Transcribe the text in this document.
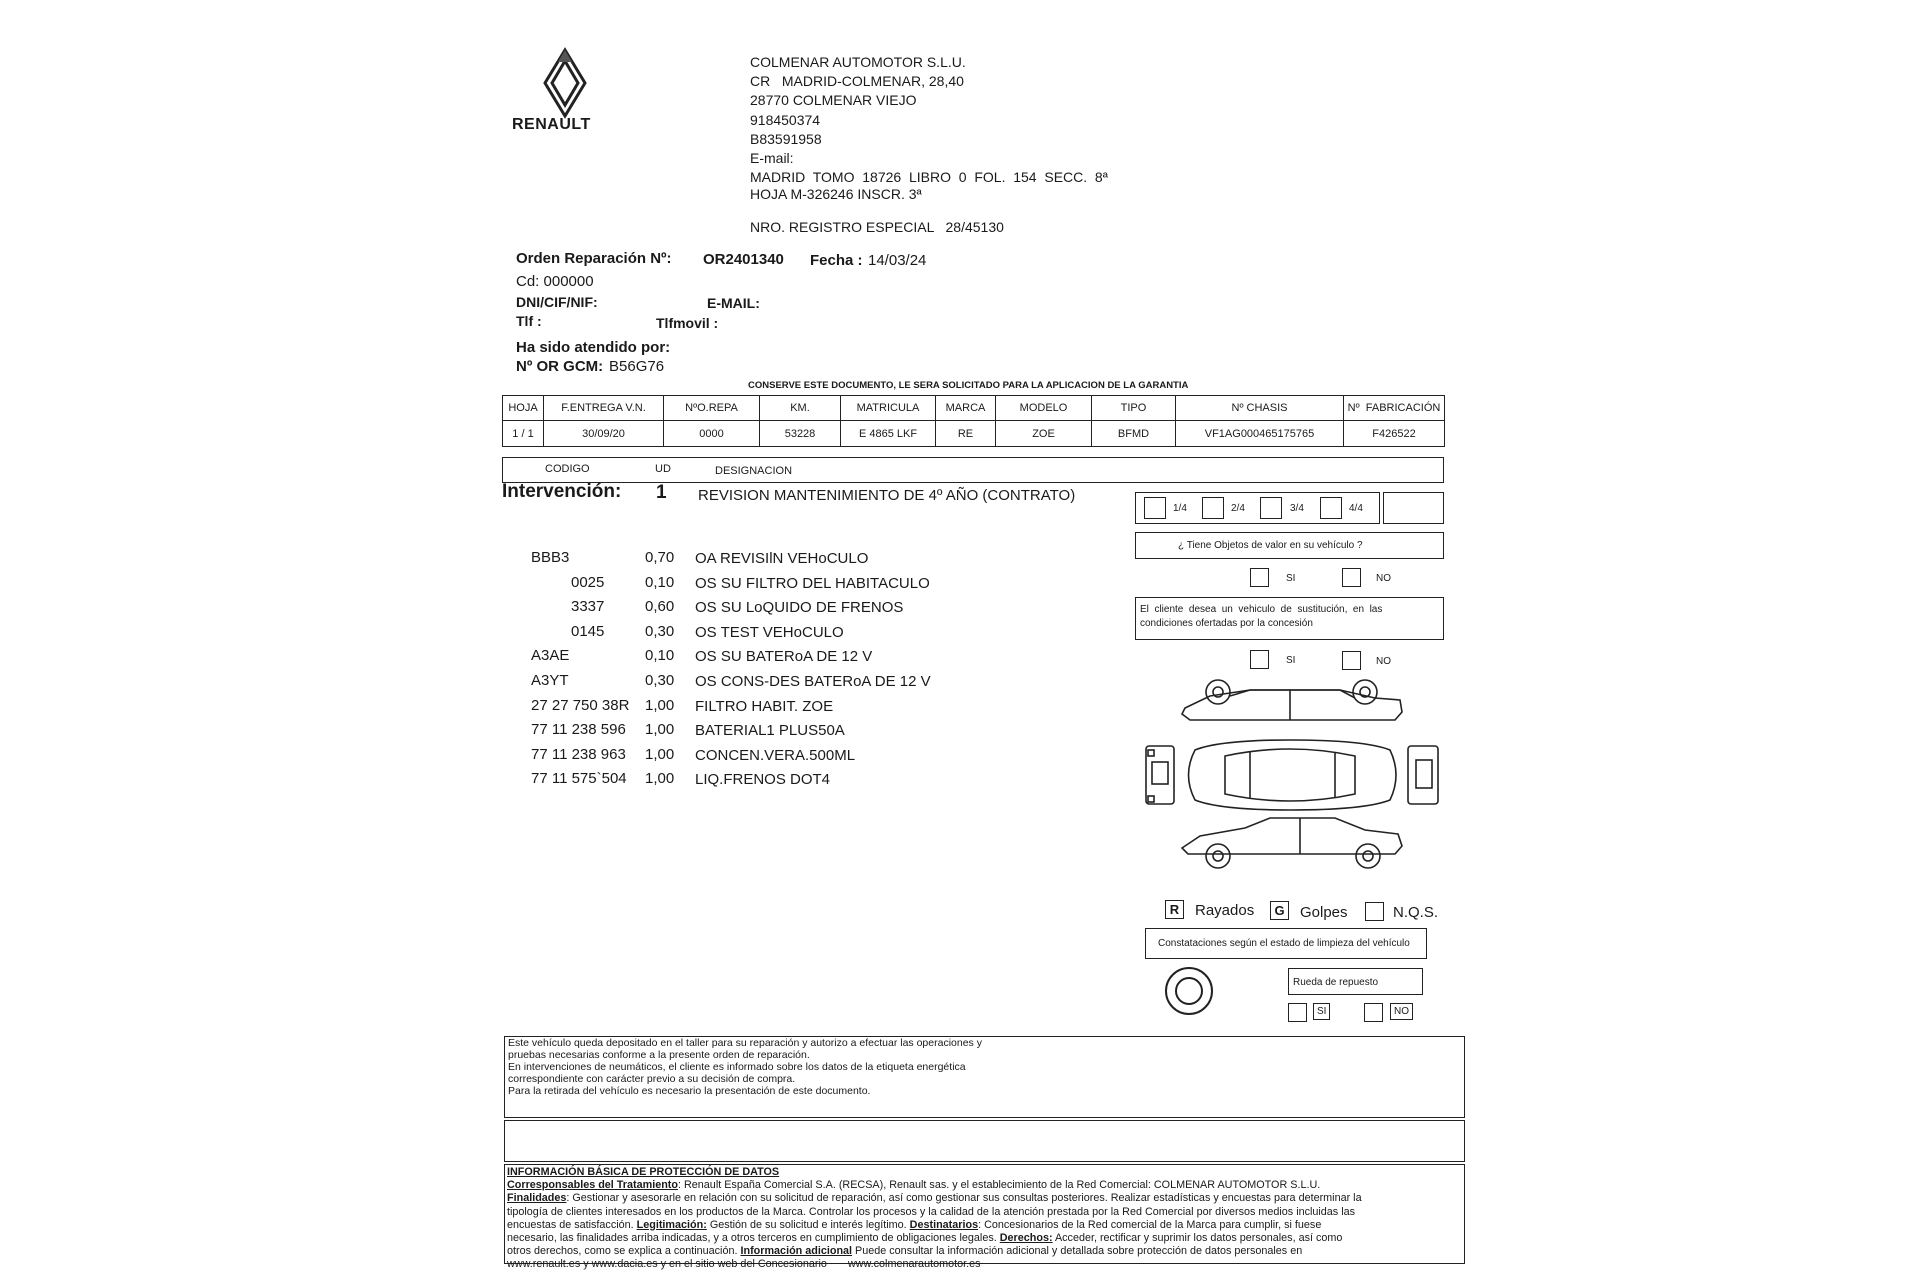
RENAULT
COLMENAR AUTOMOTOR S.L.U.
CR   MADRID-COLMENAR, 28,40
28770 COLMENAR VIEJO
918450374
B83591958
E-mail:
MADRID  TOMO  18726  LIBRO  0  FOL.  154  SECC.  8ª
HOJA M-326246 INSCR. 3ª
NRO. REGISTRO ESPECIAL   28/45130
Orden Reparación Nº: OR2401340 Fecha : 14/03/24
Cd: 000000
DNI/CIF/NIF:	E-MAIL:
Tlf :	Tlfmovil :
Ha sido atendido por:
Nº OR GCM: B56G76
CONSERVE ESTE DOCUMENTO, LE SERA SOLICITADO PARA LA APLICACION DE LA GARANTIA
HOJA	F.ENTREGA V.N.	NºO.REPA	KM.	MATRICULA	MARCA	MODELO	TIPO	Nº CHASIS	Nº  FABRICACIÓN
1 / 1	30/09/20	0000	53228	E 4865 LKF	RE	ZOE	BFMD	VF1AG000465175765	F426522
CODIGO	UD	DESIGNACION
Intervención: 1 REVISION MANTENIMIENTO DE 4º AÑO (CONTRATO)
BBB3	0,70 OA REVISIlN VEHoCULO
0025	0,10 OS SU FILTRO DEL HABITACULO
3337	0,60 OS SU LoQUIDO DE FRENOS
0145	0,30 OS TEST VEHoCULO
A3AE	0,10 OS SU BATERoA DE 12 V
A3YT	0,30 OS CONS-DES BATERoA DE 12 V
27 27 750 38R 1,00 FILTRO HABIT. ZOE
77 11 238 596 1,00 BATERIAL1 PLUS50A
77 11 238 963 1,00 CONCEN.VERA.500ML
77 11 575`504 1,00 LIQ.FRENOS DOT4
1/4	2/4	3/4	4/4
¿ Tiene Objetos de valor en su vehículo ?
SI	NO
El  cliente  desea  un  vehiculo  de  sustitución,  en  las
condiciones ofertadas por la concesión
SI	NO
R	Rayados	G Golpes	N.Q.S.
Constataciones según el estado de limpieza del vehículo
Rueda de repuesto
SI	NO
Este vehículo queda depositado en el taller para su reparación y autorizo a efectuar las operaciones y
pruebas necesarias conforme a la presente orden de reparación.
En intervenciones de neumáticos, el cliente es informado sobre los datos de la etiqueta energética
correspondiente con carácter previo a su decisión de compra.
Para la retirada del vehículo es necesario la presentación de este documento.

INFORMACIÓN BÁSICA DE PROTECCIÓN DE DATOS

Corresponsables del Tratamiento: Renault España Comercial S.A. (RECSA), Renault sas. y el establecimiento de la Red Comercial: COLMENAR AUTOMOTOR S.L.U.

Finalidades: Gestionar y asesorarle en relación con su solicitud de reparación, así como gestionar sus consultas posteriores. Realizar estadísticas y encuestas para determinar la

tipología de clientes interesados en los productos de la Marca. Controlar los procesos y la calidad de la atención prestada por la Red Comercial por diversos medios incluidas las

encuestas de satisfacción. Legitimación: Gestión de su solicitud e interés legítimo. Destinatarios: Concesionarios de la Red comercial de la Marca para cumplir, si fuese

necesario, las finalidades arriba indicadas, y a otros terceros en cumplimiento de obligaciones legales. Derechos: Acceder, rectificar y suprimir los datos personales, así como

otros derechos, como se explica a continuación. Información adicional Puede consultar la información adicional y detallada sobre protección de datos personales en

www.renault.es y www.dacia.es y en el sitio web del Concesionario       www.colmenarautomotor.es
